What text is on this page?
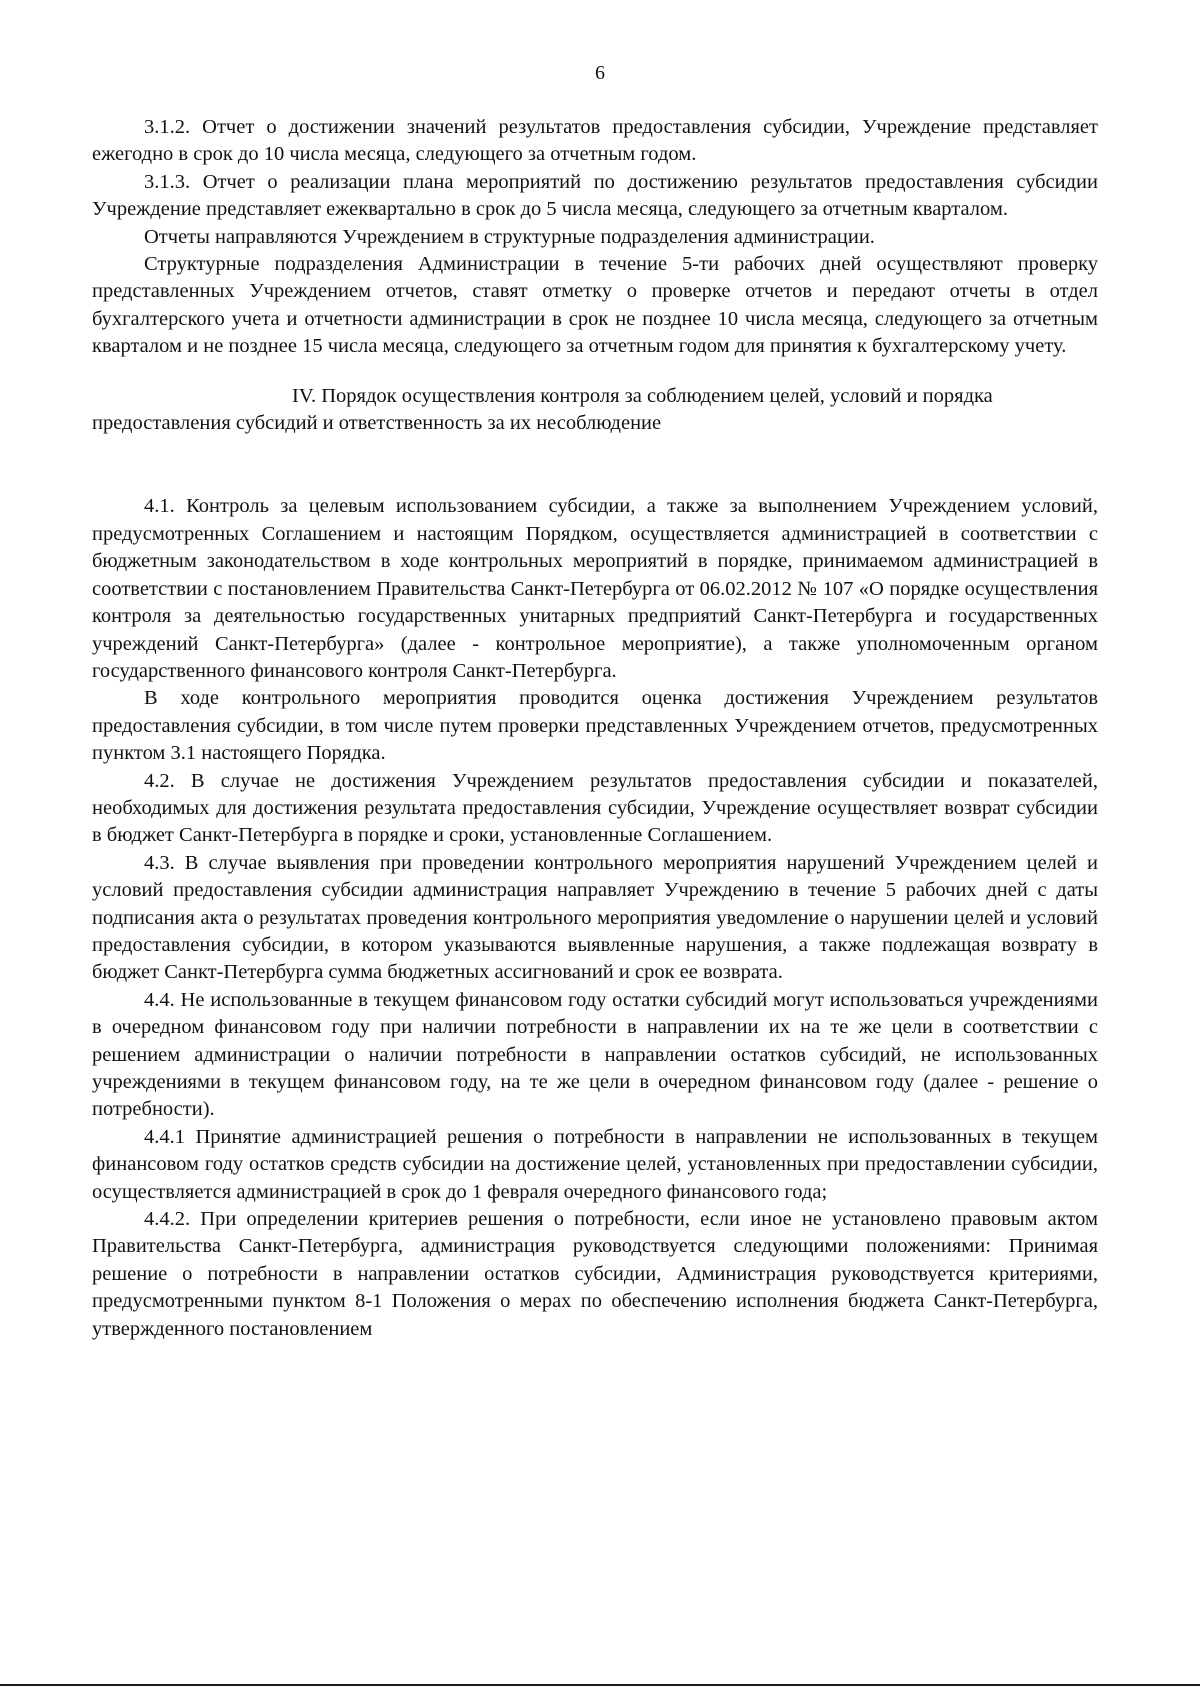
6

3.1.2. Отчет о достижении значений результатов предоставления субсидии, Учреждение представляет ежегодно в срок до 10 числа месяца, следующего за отчетным годом.

3.1.3. Отчет о реализации плана мероприятий по достижению результатов предоставления субсидии Учреждение представляет ежеквартально в срок до 5 числа месяца, следующего за отчетным кварталом.

Отчеты направляются Учреждением в структурные подразделения администрации.

Структурные подразделения Администрации в течение 5-ти рабочих дней осуществляют проверку представленных Учреждением отчетов, ставят отметку о проверке отчетов и передают отчеты в отдел бухгалтерского учета и отчетности администрации в срок не позднее 10 числа месяца, следующего за отчетным кварталом и не позднее 15 числа месяца, следующего за отчетным годом для принятия к бухгалтерскому учету.

IV. Порядок осуществления контроля за соблюдением целей, условий и порядка предоставления субсидий и ответственность за их несоблюдение

4.1. Контроль за целевым использованием субсидии, а также за выполнением Учреждением условий, предусмотренных Соглашением и настоящим Порядком, осуществляется администрацией в соответствии с бюджетным законодательством в ходе контрольных мероприятий в порядке, принимаемом администрацией в соответствии с постановлением Правительства Санкт-Петербурга от 06.02.2012 № 107 «О порядке осуществления контроля за деятельностью государственных унитарных предприятий Санкт-Петербурга и государственных учреждений Санкт-Петербурга» (далее - контрольное мероприятие), а также уполномоченным органом государственного финансового контроля Санкт-Петербурга.

В ходе контрольного мероприятия проводится оценка достижения Учреждением результатов предоставления субсидии, в том числе путем проверки представленных Учреждением отчетов, предусмотренных пунктом 3.1 настоящего Порядка.

4.2. В случае не достижения Учреждением результатов предоставления субсидии и показателей, необходимых для достижения результата предоставления субсидии, Учреждение осуществляет возврат субсидии в бюджет Санкт-Петербурга в порядке и сроки, установленные Соглашением.

4.3. В случае выявления при проведении контрольного мероприятия нарушений Учреждением целей и условий предоставления субсидии администрация направляет Учреждению в течение 5 рабочих дней с даты подписания акта о результатах проведения контрольного мероприятия уведомление о нарушении целей и условий предоставления субсидии, в котором указываются выявленные нарушения, а также подлежащая возврату в бюджет Санкт-Петербурга сумма бюджетных ассигнований и срок ее возврата.

4.4. Не использованные в текущем финансовом году остатки субсидий могут использоваться учреждениями в очередном финансовом году при наличии потребности в направлении их на те же цели в соответствии с решением администрации о наличии потребности в направлении остатков субсидий, не использованных учреждениями в текущем финансовом году, на те же цели в очередном финансовом году (далее - решение о потребности).

4.4.1 Принятие администрацией решения о потребности в направлении не использованных в текущем финансовом году остатков средств субсидии на достижение целей, установленных при предоставлении субсидии, осуществляется администрацией в срок до 1 февраля очередного финансового года;

4.4.2. При определении критериев решения о потребности, если иное не установлено правовым актом Правительства Санкт-Петербурга, администрация руководствуется следующими положениями: Принимая решение о потребности в направлении остатков субсидии, Администрация руководствуется критериями, предусмотренными пунктом 8-1 Положения о мерах по обеспечению исполнения бюджета Санкт-Петербурга, утвержденного постановлением
